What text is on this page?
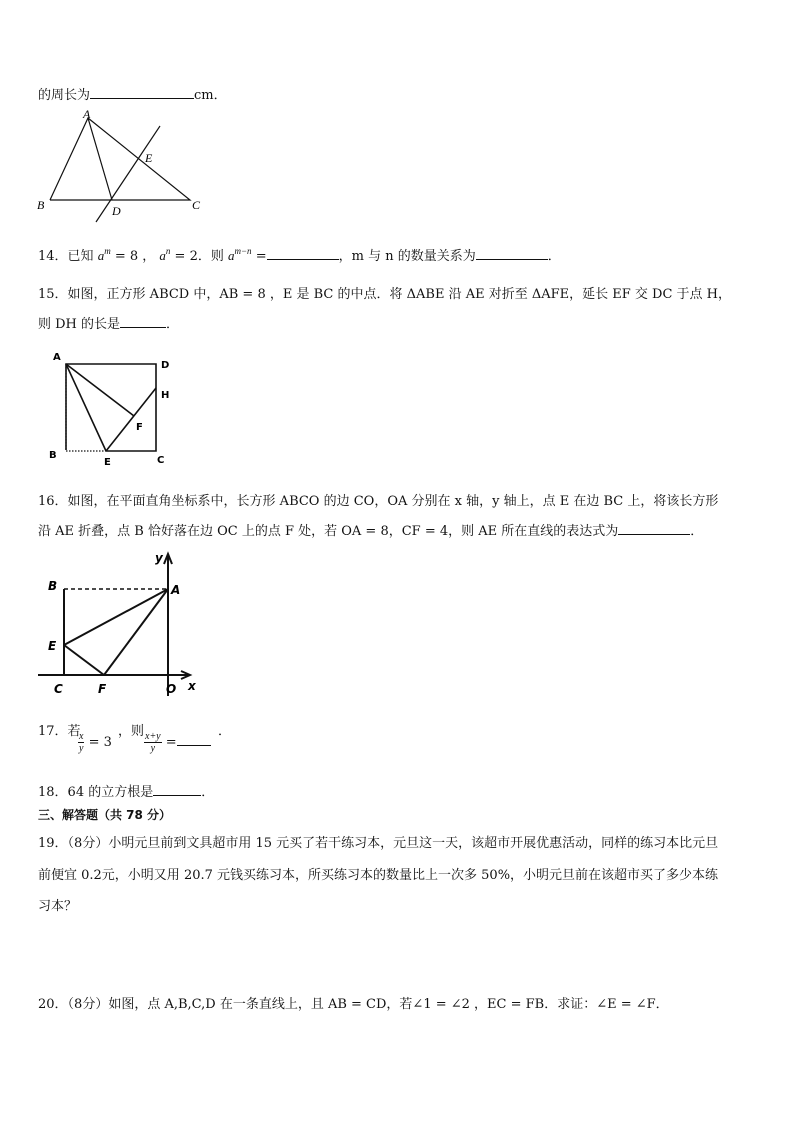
的周长为	cm．
A
B	C
D
E
14．已知 $a^m = 8$ ， $a^n = 2$．则 $a^{m-n}$ =	，m 与 n 的数量关系为	．
15．如图，正方形 ABCD 中，AB = 8 ，E 是 BC 的中点．将 ΔABE 沿 AE 对折至 ΔAFE，延长 EF 交 DC 于点 H，
则 DH 的长是	．
A
D
H
F
B
E	C
16．如图，在平面直角坐标系中，长方形 ABCO 的边 CO，OA 分别在 x 轴，y 轴上，点 E 在边 BC 上，将该长方形
沿 AE 折叠，点 B 恰好落在边 OC 上的点 F 处，若 OA = 8，CF = 4，则 AE 所在直线的表达式为	．
B
E
C	F	O x
y
A
17．若
$\frac{x}{y} = 3$
，则 $\frac{x+y}{y}$ =
．
18．64 的立方根是	．
三、解答题（共 78 分）
19．（8分）小明元旦前到文具超市用 15 元买了若干练习本，元旦这一天，该超市开展优惠活动，同样的练习本比元旦
前便宜 0.2元，小明又用 20.7 元钱买练习本，所买练习本的数量比上一次多 50%，小明元旦前在该超市买了多少本练
习本？
20．（8分）如图，点 A,B,C,D 在一条直线上，且 AB = CD，若∠1 = ∠2 ，EC = FB．求证：∠E = ∠F．
